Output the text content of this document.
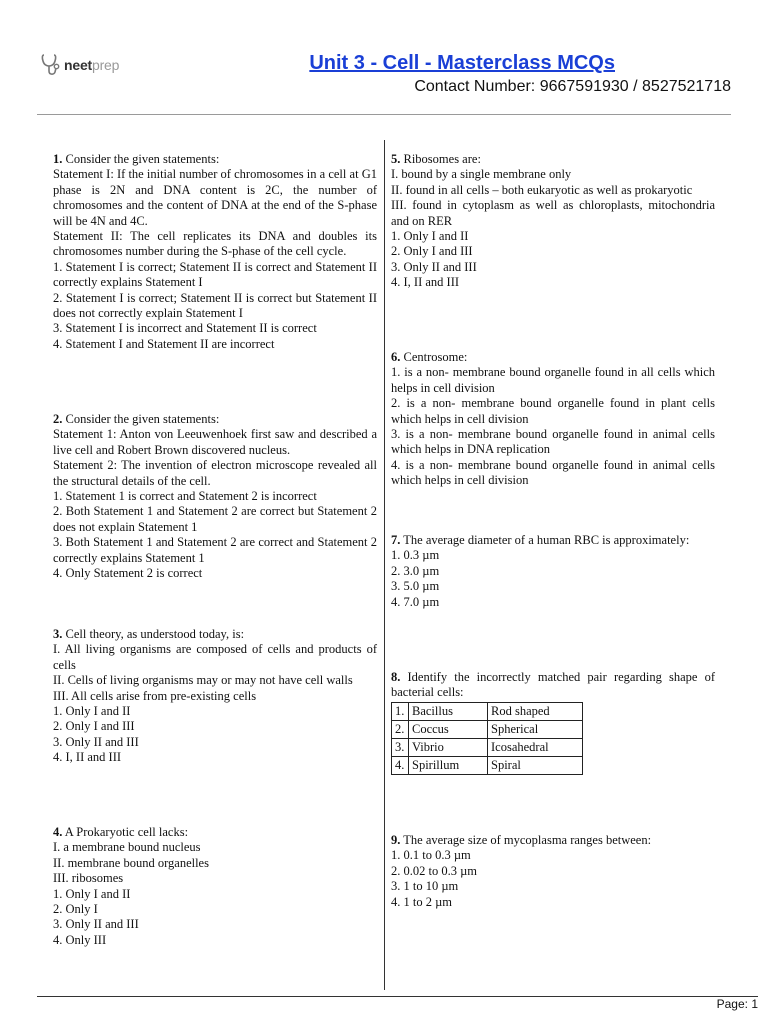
neetprep	Unit 3 - Cell - Masterclass MCQs
Contact Number: 9667591930 / 8527521718
1. Consider the given statements:
Statement I: If the initial number of chromosomes in a cell at G1 phase is 2N and DNA content is 2C, the number of chromosomes and the content of DNA at the end of the S-phase will be 4N and 4C.
Statement II: The cell replicates its DNA and doubles its chromosomes number during the S-phase of the cell cycle.
1. Statement I is correct; Statement II is correct and Statement II correctly explains Statement I
2. Statement I is correct; Statement II is correct but Statement II does not correctly explain Statement I
3. Statement I is incorrect and Statement II is correct
4. Statement I and Statement II are incorrect
2. Consider the given statements:
Statement 1: Anton von Leeuwenhoek first saw and described a live cell and Robert Brown discovered nucleus.
Statement 2: The invention of electron microscope revealed all the structural details of the cell.
1. Statement 1 is correct and Statement 2 is incorrect
2. Both Statement 1 and Statement 2 are correct but Statement 2 does not explain Statement 1
3. Both Statement 1 and Statement 2 are correct and Statement 2 correctly explains Statement 1
4. Only Statement 2 is correct
3. Cell theory, as understood today, is:
I. All living organisms are composed of cells and products of cells
II. Cells of living organisms may or may not have cell walls
III. All cells arise from pre-existing cells
1. Only I and II
2. Only I and III
3. Only II and III
4. I, II and III
4. A Prokaryotic cell lacks:
I. a membrane bound nucleus
II. membrane bound organelles
III. ribosomes
1. Only I and II
2. Only I
3. Only II and III
4. Only III
5. Ribosomes are:
I. bound by a single membrane only
II. found in all cells – both eukaryotic as well as prokaryotic
III. found in cytoplasm as well as chloroplasts, mitochondria and on RER
1. Only I and II
2. Only I and III
3. Only II and III
4. I, II and III
6. Centrosome:
1. is a non- membrane bound organelle found in all cells which helps in cell division
2. is a non- membrane bound organelle found in plant cells which helps in cell division
3. is a non- membrane bound organelle found in animal cells which helps in DNA replication
4. is a non- membrane bound organelle found in animal cells which helps in cell division
7. The average diameter of a human RBC is approximately:
1. 0.3 µm
2. 3.0 µm
3. 5.0 µm
4. 7.0 µm
8. Identify the incorrectly matched pair regarding shape of bacterial cells:
1.	Bacillus	Rod shaped
2.	Coccus	Spherical
3.	Vibrio	Icosahedral
4.	Spirillum	Spiral
9. The average size of mycoplasma ranges between:
1. 0.1 to 0.3 µm
2. 0.02 to 0.3 µm
3. 1 to 10 µm
4. 1 to 2 µm
Page: 1
